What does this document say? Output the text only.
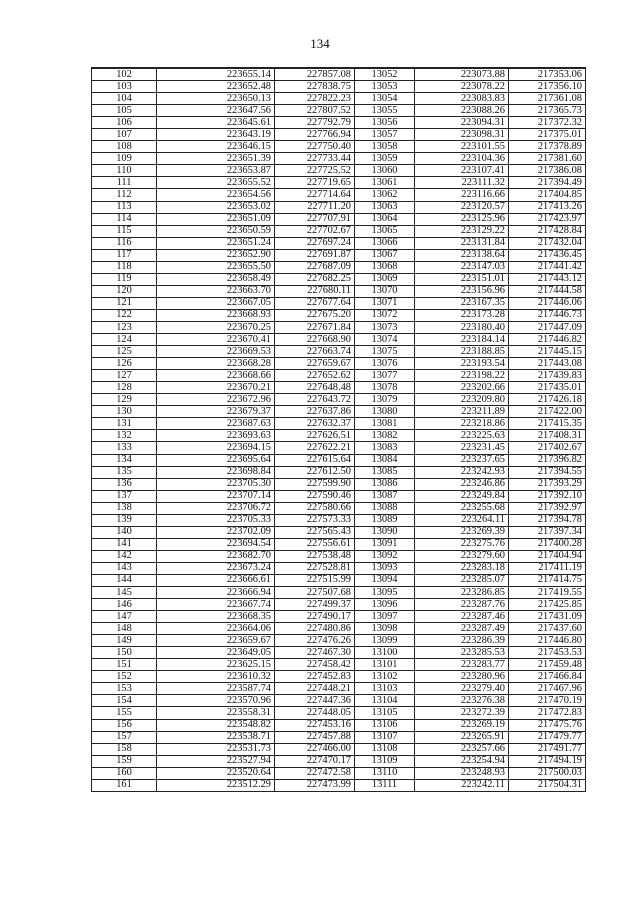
134
102	223655.14	227857.08	13052	223073.88	217353.06
103	223652.48	227838.75	13053	223078.22	217356.10
104	223650.13	227822.23	13054	223083.83	217361.08
105	223647.56	227807.52	13055	223088.26	217365.73
106	223645.61	227792.79	13056	223094.31	217372.32
107	223643.19	227766.94	13057	223098.31	217375.01
108	223646.15	227750.40	13058	223101.55	217378.89
109	223651.39	227733.44	13059	223104.36	217381.60
110	223653.87	227725.52	13060	223107.41	217386.08
111	223655.52	227719.65	13061	223111.32	217394.49
112	223654.56	227714.64	13062	223116.66	217404.85
113	223653.02	227711.20	13063	223120.57	217413.26
114	223651.09	227707.91	13064	223125.96	217423.97
115	223650.59	227702.67	13065	223129.22	217428.84
116	223651.24	227697.24	13066	223131.84	217432.04
117	223652.90	227691.87	13067	223138.64	217436.45
118	223655.50	227687.09	13068	223147.03	217441.42
119	223658.49	227682.25	13069	223151.01	217443.12
120	223663.70	227680.11	13070	223156.96	217444.58
121	223667.05	227677.64	13071	223167.35	217446.06
122	223668.93	227675.20	13072	223173.28	217446.73
123	223670.25	227671.84	13073	223180.40	217447.09
124	223670.41	227668.90	13074	223184.14	217446.82
125	223669.53	227663.74	13075	223188.85	217445.15
126	223668.28	227659.67	13076	223193.54	217443.08
127	223668.66	227652.62	13077	223198.22	217439.83
128	223670.21	227648.48	13078	223202.66	217435.01
129	223672.96	227643.72	13079	223209.80	217426.18
130	223679.37	227637.86	13080	223211.89	217422.00
131	223687.63	227632.37	13081	223218.86	217415.35
132	223693.63	227626.51	13082	223225.63	217408.31
133	223694.15	227622.21	13083	223231.45	217402.67
134	223695.64	227615.64	13084	223237.65	217396.82
135	223698.84	227612.50	13085	223242.93	217394.55
136	223705.30	227599.90	13086	223246.86	217393.29
137	223707.14	227590.46	13087	223249.84	217392.10
138	223706.72	227580.66	13088	223255.68	217392.97
139	223705.33	227573.33	13089	223264.11	217394.78
140	223702.09	227565.43	13090	223269.39	217397.34
141	223694.54	227556.61	13091	223275.76	217400.28
142	223682.70	227538.48	13092	223279.60	217404.94
143	223673.24	227528.81	13093	223283.18	217411.19
144	223666.61	227515.99	13094	223285.07	217414.75
145	223666.94	227507.68	13095	223286.85	217419.55
146	223667.74	227499.37	13096	223287.76	217425.85
147	223668.35	227490.17	13097	223287.46	217431.09
148	223664.06	227480.86	13098	223287.49	217437.60
149	223659.67	227476.26	13099	223286.39	217446.80
150	223649.05	227467.30	13100	223285.53	217453.53
151	223625.15	227458.42	13101	223283.77	217459.48
152	223610.32	227452.83	13102	223280.96	217466.84
153	223587.74	227448.21	13103	223279.40	217467.96
154	223570.96	227447.36	13104	223276.38	217470.19
155	223558.31	227448.05	13105	223272.39	217472.83
156	223548.82	227453.16	13106	223269.19	217475.76
157	223538.71	227457.88	13107	223265.91	217479.77
158	223531.73	227466.00	13108	223257.66	217491.77
159	223527.94	227470.17	13109	223254.94	217494.19
160	223520.64	227472.58	13110	223248.93	217500.03
161	223512.29	227473.99	13111	223242.11	217504.31
